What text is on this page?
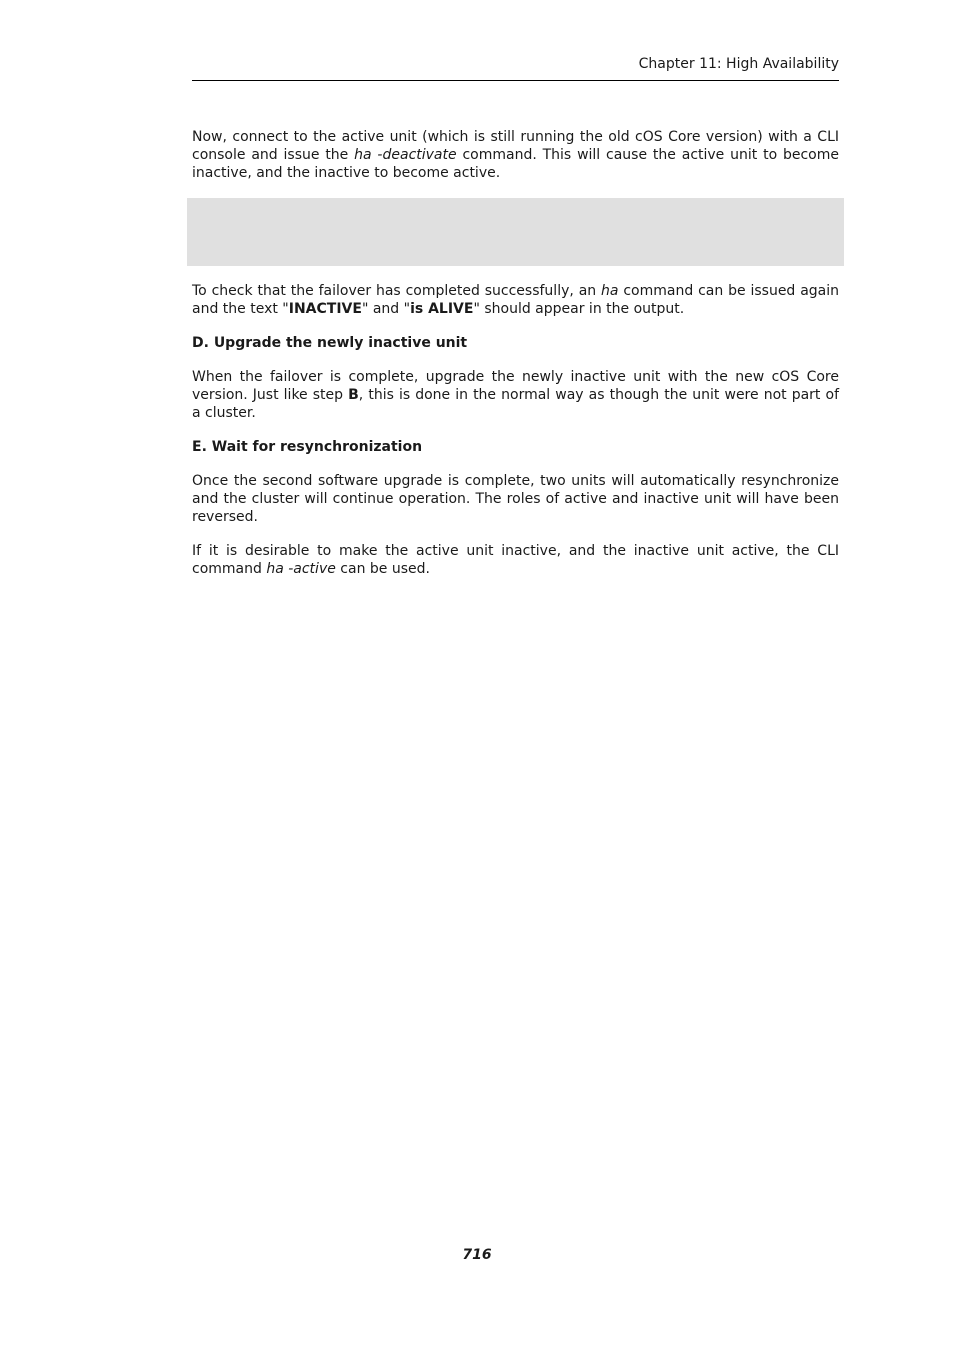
Chapter 11: High Availability

Now, connect to the active unit (which is still running the old cOS Core version) with a CLI console and issue the ha -deactivate command. This will cause the active unit to become inactive, and the inactive to become active.

To check that the failover has completed successfully, an ha command can be issued again and the text "INACTIVE" and "is ALIVE" should appear in the output.

D. Upgrade the newly inactive unit

When the failover is complete, upgrade the newly inactive unit with the new cOS Core version. Just like step B, this is done in the normal way as though the unit were not part of a cluster.

E. Wait for resynchronization

Once the second software upgrade is complete, two units will automatically resynchronize and the cluster will continue operation. The roles of active and inactive unit will have been reversed.

If it is desirable to make the active unit inactive, and the inactive unit active, the CLI command ha -active can be used.

716
